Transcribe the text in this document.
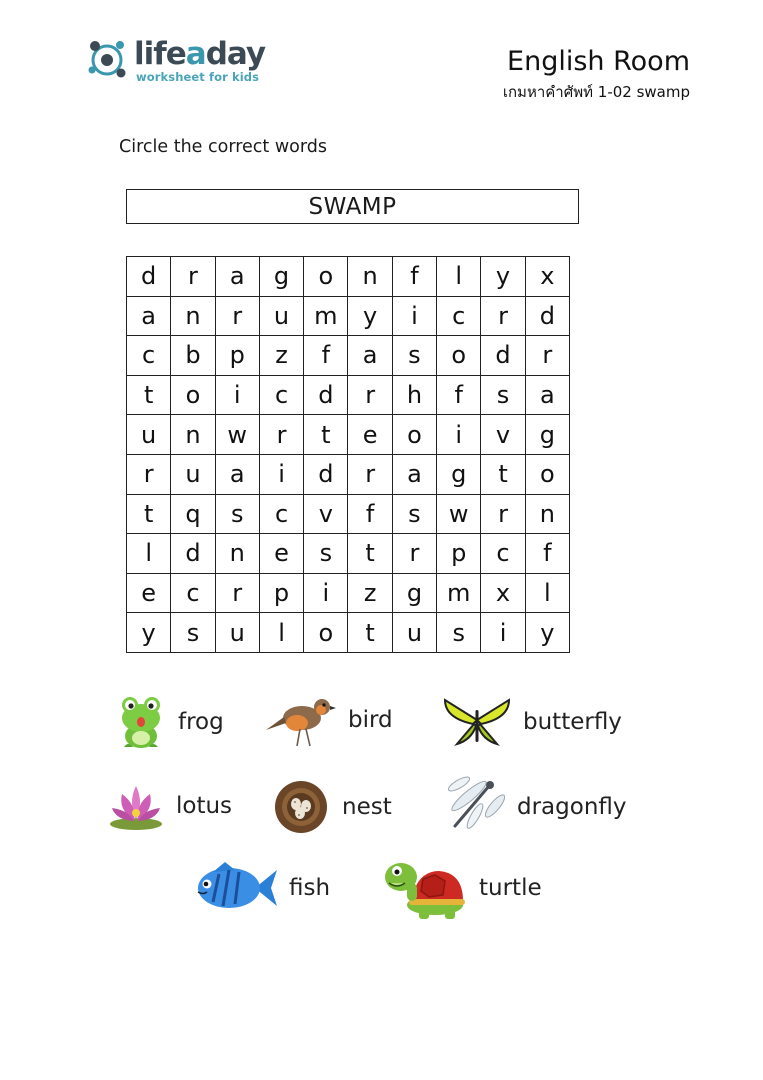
lifeaday
worksheet for kids	English Room
เกมหาคำศัพท์ 1-02 swamp
Circle the correct words
SWAMP
d	r	a	g	o	n	f	l	y	x
a	n	r	u	m	y	i	c	r	d
c	b	p	z	f	a	s	o	d	r
t	o	i	c	d	r	h	f	s	a
u	n	w	r	t	e	o	i	v	g
r	u	a	i	d	r	a	g	t	o
t	q	s	c	v	f	s	w	r	n
l	d	n	e	s	t	r	p	c	f
e	c	r	p	i	z	g	m	x	l
y	s	u	l	o	t	u	s	i	y
frog	bird	butterfly
lotus	nest	dragonfly
fish	turtle
